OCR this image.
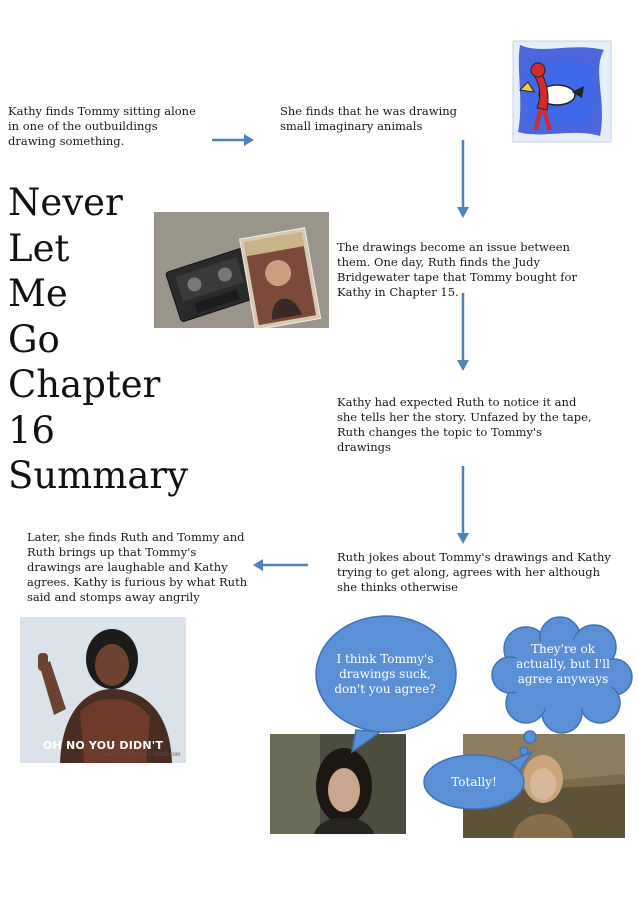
Never
Let
Me
Go
Chapter
16
Summary
Kathy finds Tommy sitting alone in one of the outbuildings drawing something.
She finds that he was drawing small imaginary animals
The drawings become an issue between them. One day, Ruth finds the Judy Bridgewater tape that Tommy bought for Kathy in Chapter 15.
Kathy had expected Ruth to notice it and she tells her the story. Unfazed by the tape, Ruth changes the topic to Tommy's drawings
Ruth jokes about Tommy's drawings and Kathy trying to get along, agrees with her although she thinks otherwise
Later, she finds Ruth and Tommy and Ruth brings up that Tommy's drawings are laughable and Kathy agrees. Kathy is furious by what Ruth said and stomps away angrily
OH NO YOU DIDN'T
MAKE A FUNNY PIC + FRABZ.COM
I think Tommy's drawings suck, don't you agree?
They're ok actually, but I'll agree anyways
Totally!
